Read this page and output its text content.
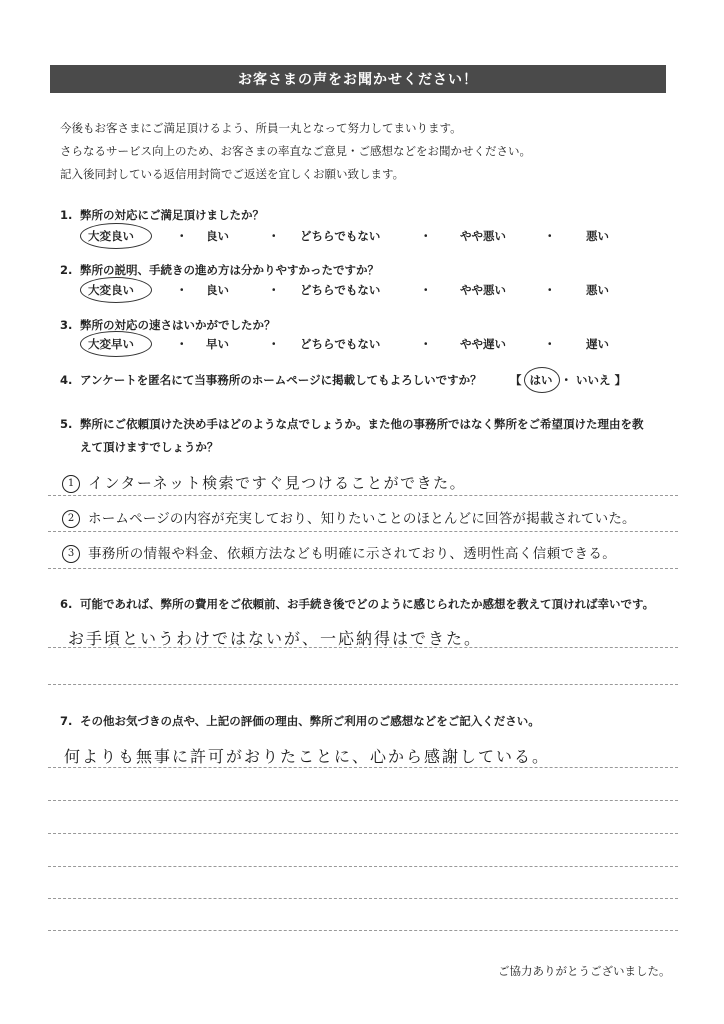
お客さまの声をお聞かせください！
今後もお客さまにご満足頂けるよう、所員一丸となって努力してまいります。
さらなるサービス向上のため、お客さまの率直なご意見・ご感想などをお聞かせください。
記入後同封している返信用封筒でご返送を宜しくお願い致します。
1. 弊所の対応にご満足頂けましたか？
大変良い	・ 良い	・ どちらでもない	・ やや悪い	・	悪い
2. 弊所の説明、手続きの進め方は分かりやすかったですか？
大変良い	・ 良い	・ どちらでもない	・ やや悪い	・	悪い
3. 弊所の対応の速さはいかがでしたか？
大変早い	・ 早い	・ どちらでもない	・ やや遅い	・	遅い
4. アンケートを匿名にて当事務所のホームページに掲載してもよろしいですか？ 【 はい ・ いいえ 】
5. 弊所にご依頼頂けた決め手はどのような点でしょうか。また他の事務所ではなく弊所をご希望頂けた理由を教
えて頂けますでしょうか？
1 インターネット検索ですぐ見つけることができた。
2 ホームページの内容が充実しており、知りたいことのほとんどに回答が掲載されていた。
3 事務所の情報や料金、依頼方法なども明確に示されており、透明性高く信頼できる。
6. 可能であれば、弊所の費用をご依頼前、お手続き後でどのように感じられたか感想を教えて頂ければ幸いです。
お手頃というわけではないが、一応納得はできた。
7. その他お気づきの点や、上記の評価の理由、弊所ご利用のご感想などをご記入ください。
何よりも無事に許可がおりたことに、心から感謝している。
ご協力ありがとうございました。
